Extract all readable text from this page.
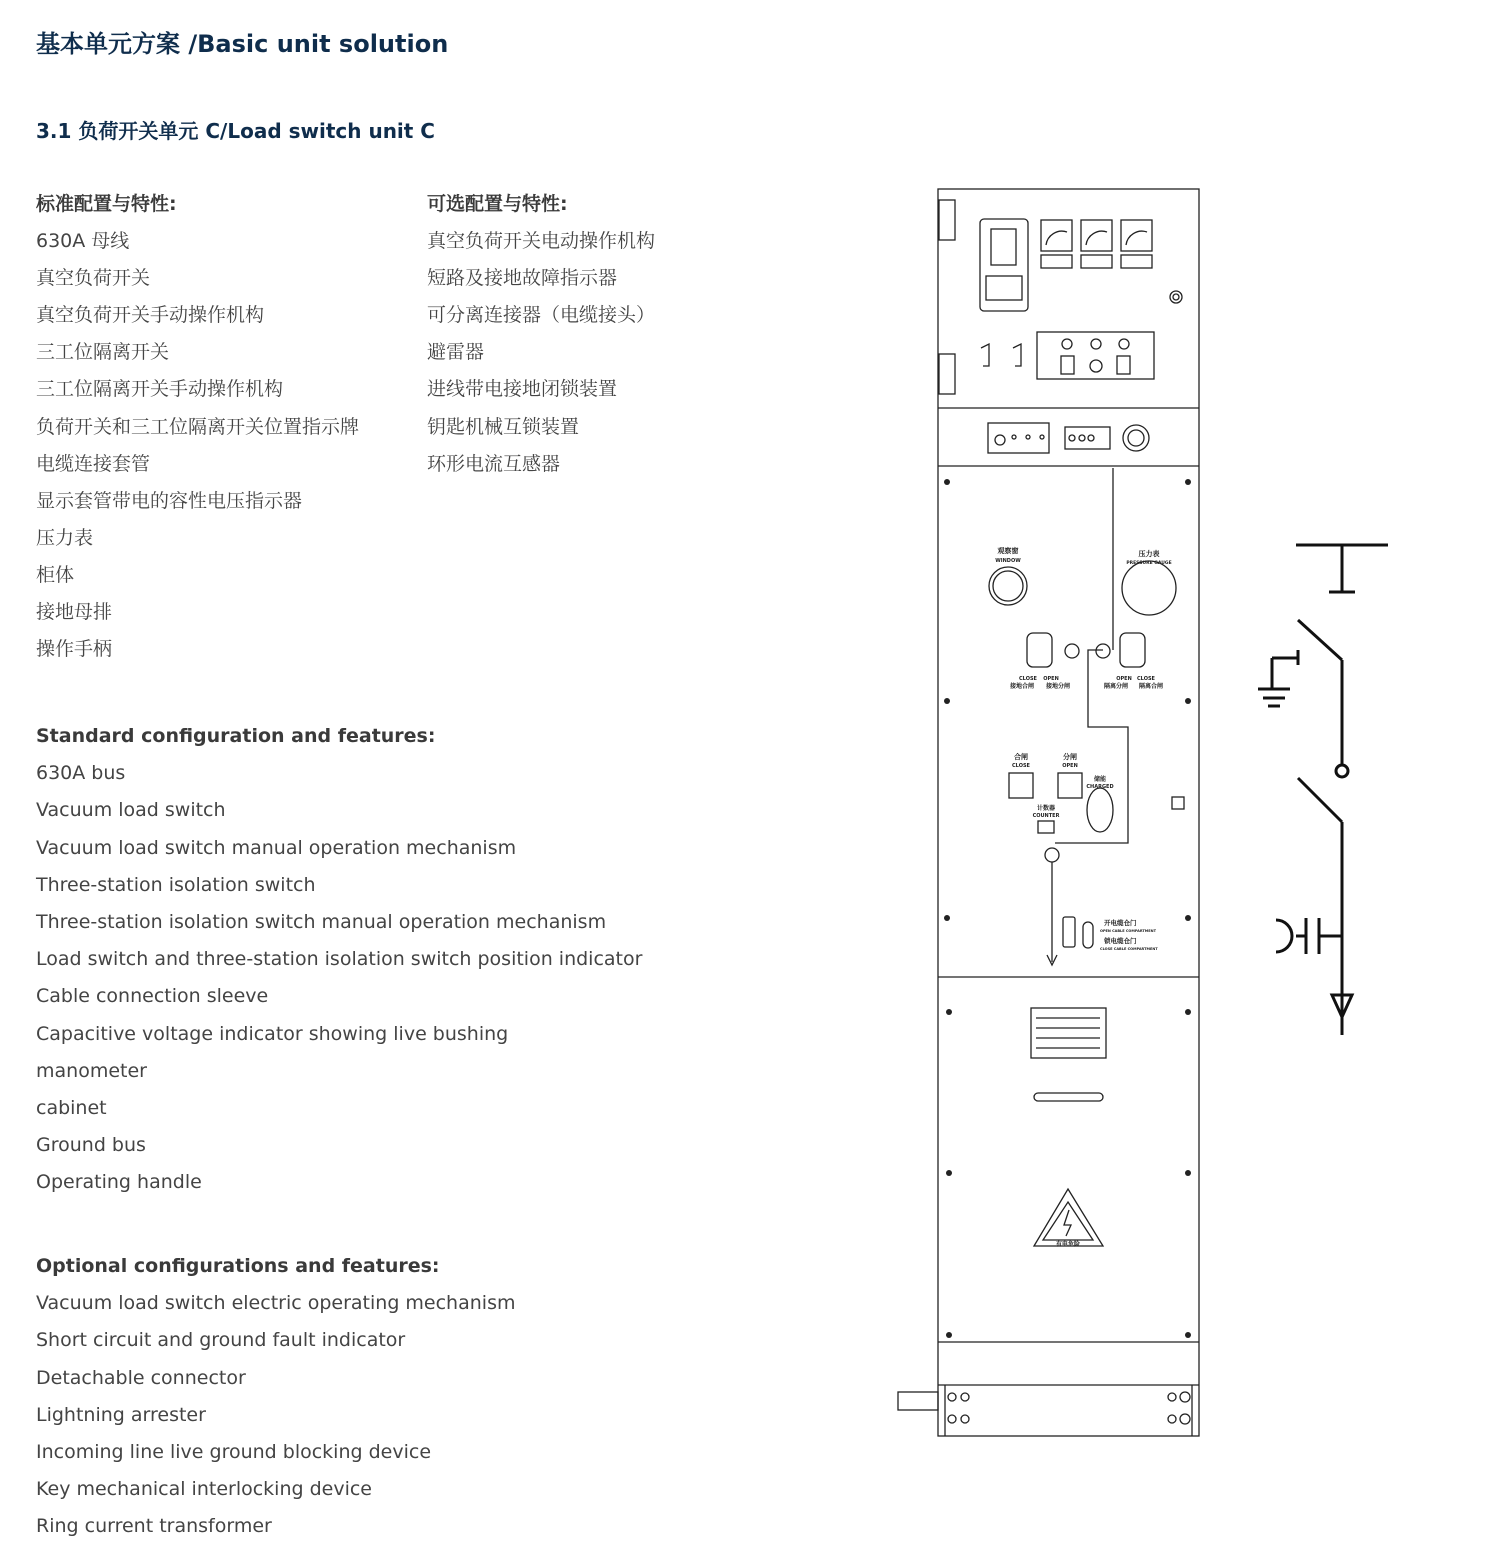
基本单元方案 /Basic unit solution
3.1 负荷开关单元 C/Load switch unit C
标准配置与特性:
630A 母线
真空负荷开关
真空负荷开关手动操作机构
三工位隔离开关
三工位隔离开关手动操作机构
负荷开关和三工位隔离开关位置指示牌
电缆连接套管
显示套管带电的容性电压指示器
压力表
柜体
接地母排
操作手柄
可选配置与特性:
真空负荷开关电动操作机构
短路及接地故障指示器
可分离连接器（电缆接头）
避雷器
进线带电接地闭锁装置
钥匙机械互锁装置
环形电流互感器
Standard configuration and features:
630A bus
Vacuum load switch
Vacuum load switch manual operation mechanism
Three-station isolation switch
Three-station isolation switch manual operation mechanism
Load switch and three-station isolation switch position indicator
Cable connection sleeve
Capacitive voltage indicator showing live bushing
manometer
cabinet
Ground bus
Operating handle
Optional configurations and features:
Vacuum load switch electric operating mechanism
Short circuit and ground fault indicator
Detachable connector
Lightning arrester
Incoming line live ground blocking device
Key mechanical interlocking device
Ring current transformer
观察窗
WINDOW
压力表
PRESSURE GAUGE
CLOSE OPEN
接地合闸 接地分闸
OPEN CLOSE
隔离分闸 隔离合闸
合闸
CLOSE
分闸
OPEN
储能
CHARGED
计数器
COUNTER
开电缆仓门
OPEN CABLE COMPARTMENT
锁电缆仓门
CLOSE CABLE COMPARTMENT
有电危险
